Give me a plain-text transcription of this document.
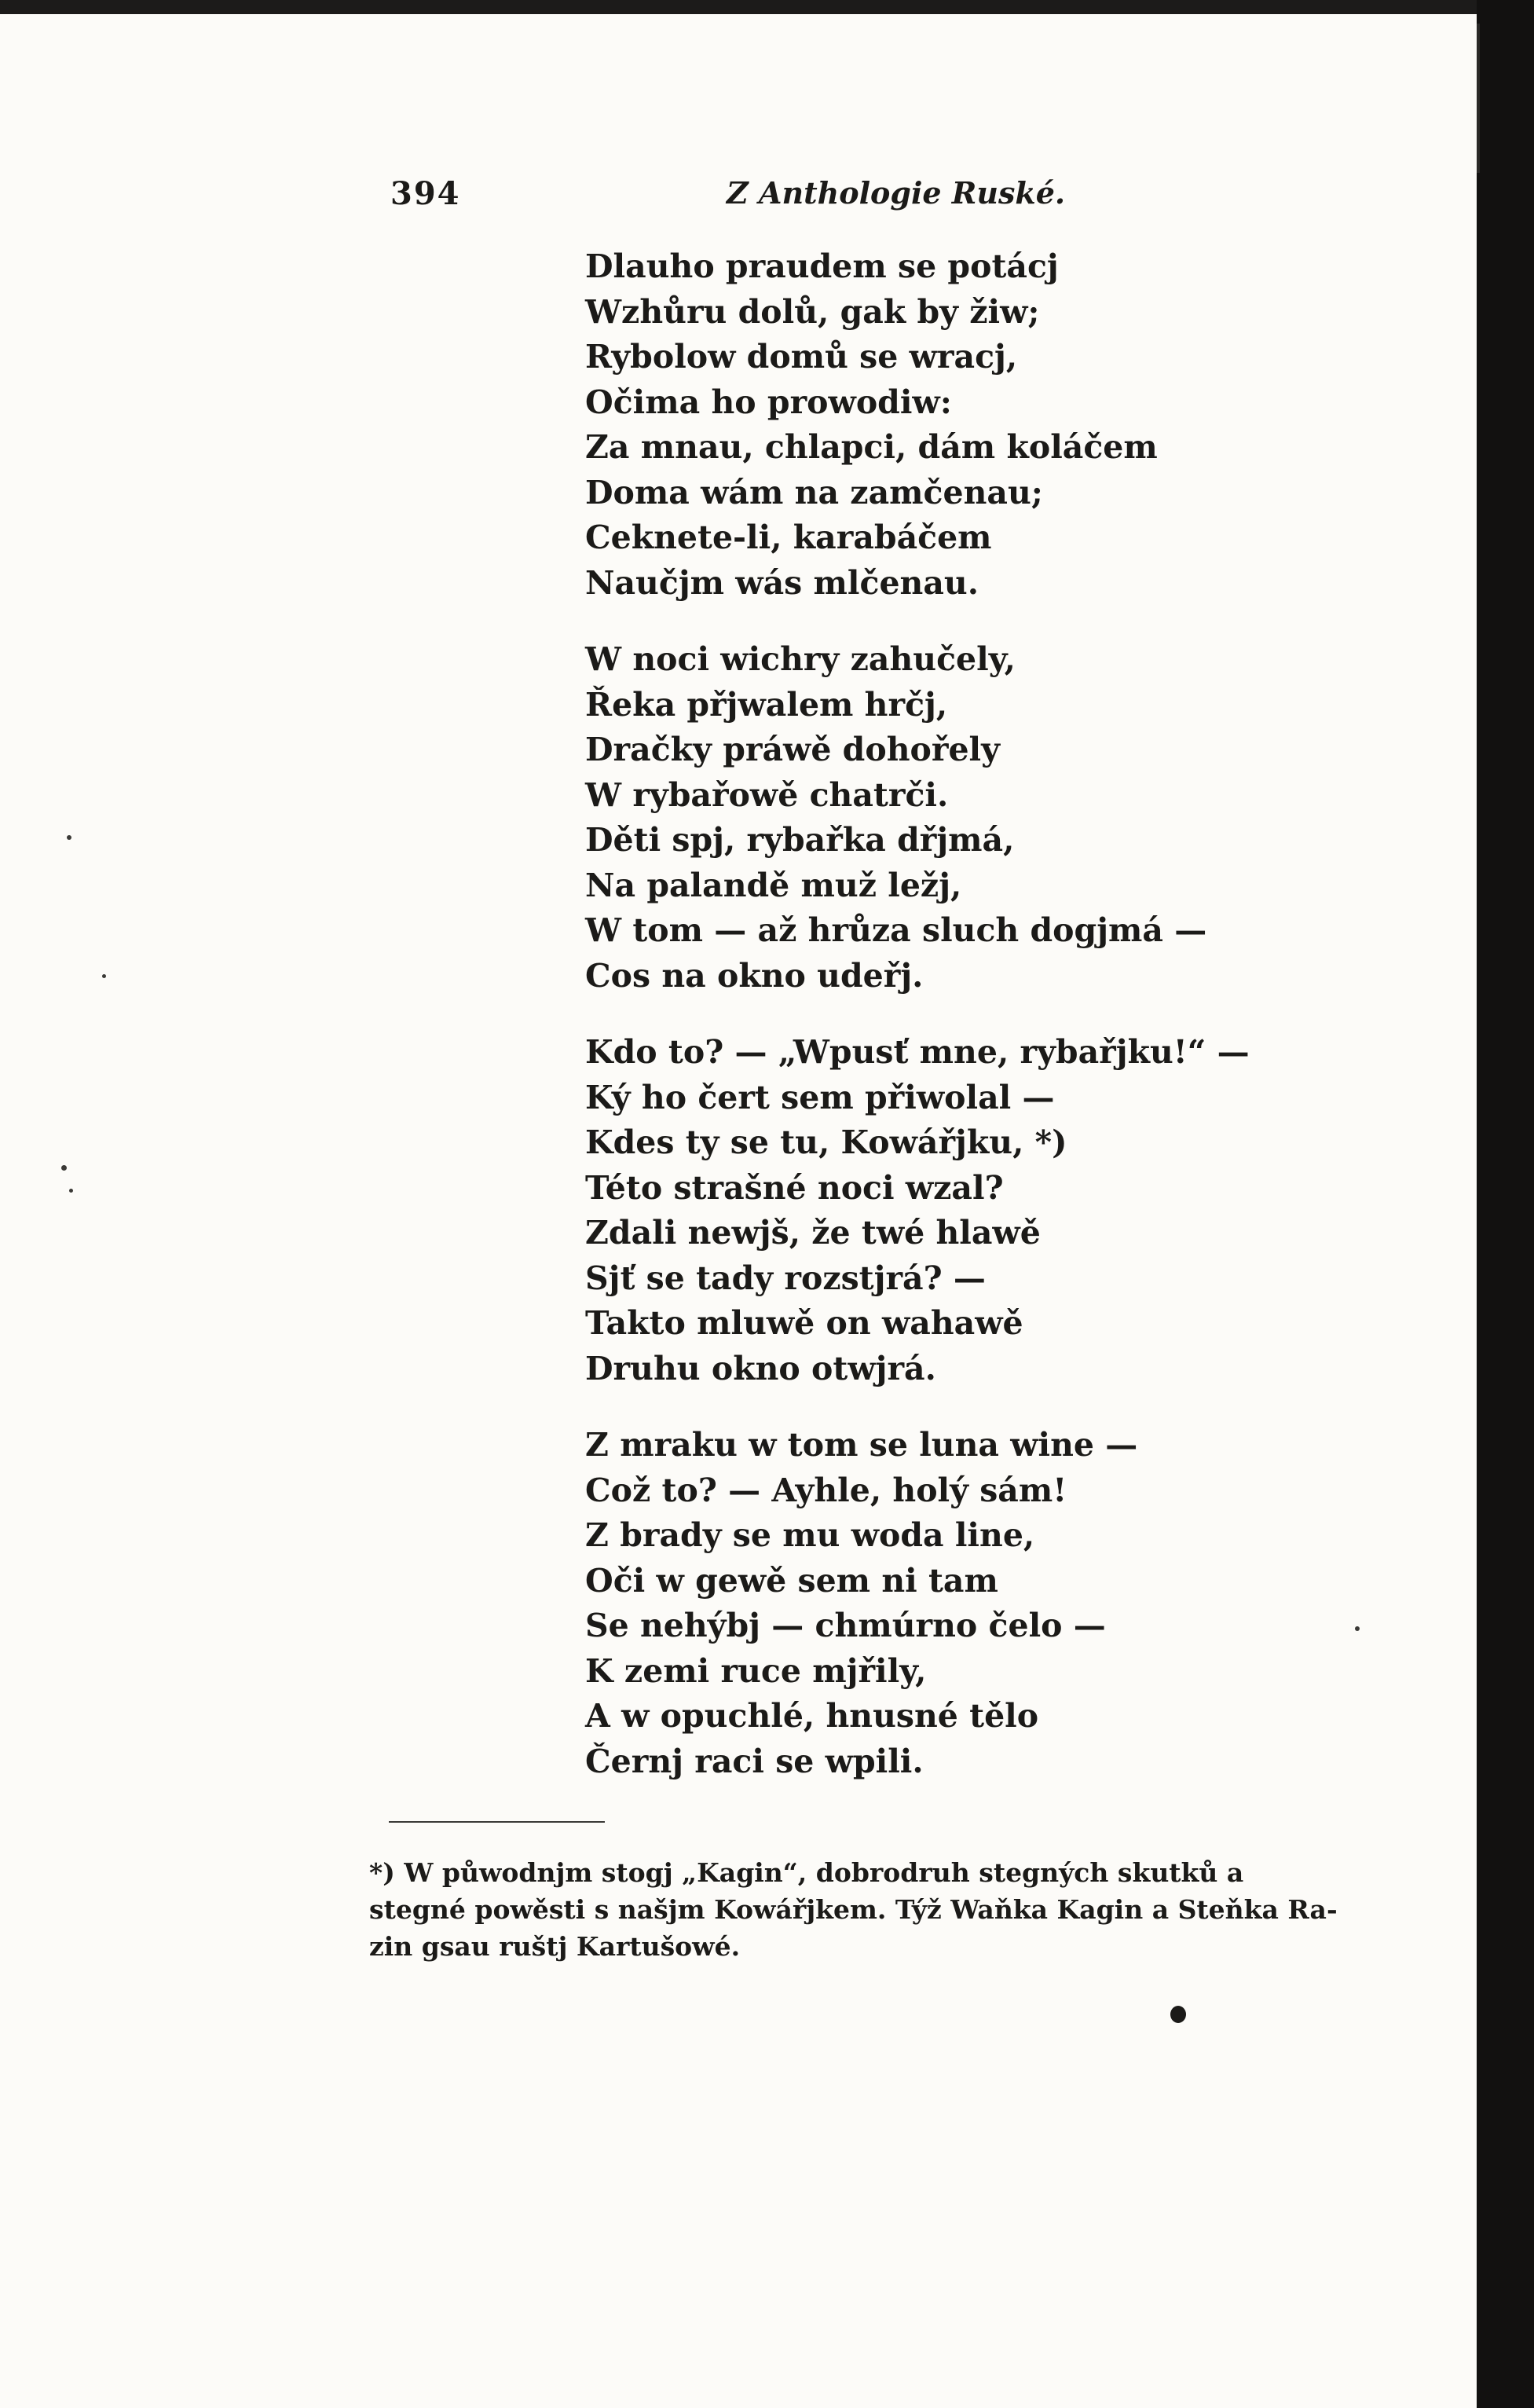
394	Z Anthologie Ruské.
Dlauho praudem se potácj
Wzhůru dolů, gak by žiw;
Rybolow domů se wracj,
Očima ho prowodiw:
Za mnau, chlapci, dám koláčem
Doma wám na zamčenau;
Ceknete-li, karabáčem
Naučjm wás mlčenau.
W noci wichry zahučely,
Řeka přjwalem hrčj,
Dračky práwě dohořely
W rybařowě chatrči.
Děti spj, rybařka dřjmá,
Na palandě muž ležj,
W tom — až hrůza sluch dogjmá —
Cos na okno udeřj.
Kdo to? — „Wpusť mne, rybařjku!“ —
Ký ho čert sem přiwolal —
Kdes ty se tu, Kowářjku, *)
Této strašné noci wzal?
Zdali newjš, že twé hlawě
Sjť se tady rozstjrá? —
Takto mluwě on wahawě
Druhu okno otwjrá.
Z mraku w tom se luna wine —
Což to? — Ayhle, holý sám!
Z brady se mu woda line,
Oči w gewě sem ni tam
Se nehýbj — chmúrno čelo —
K zemi ruce mjřily,
A w opuchlé, hnusné tělo
Černj raci se wpili.
*) W půwodnjm stogj „Kagin“, dobrodruh stegných skutků a
stegné powěsti s našjm Kowářjkem. Týž Waňka Kagin a Steňka Ra-
zin gsau ruštj Kartušowé.
